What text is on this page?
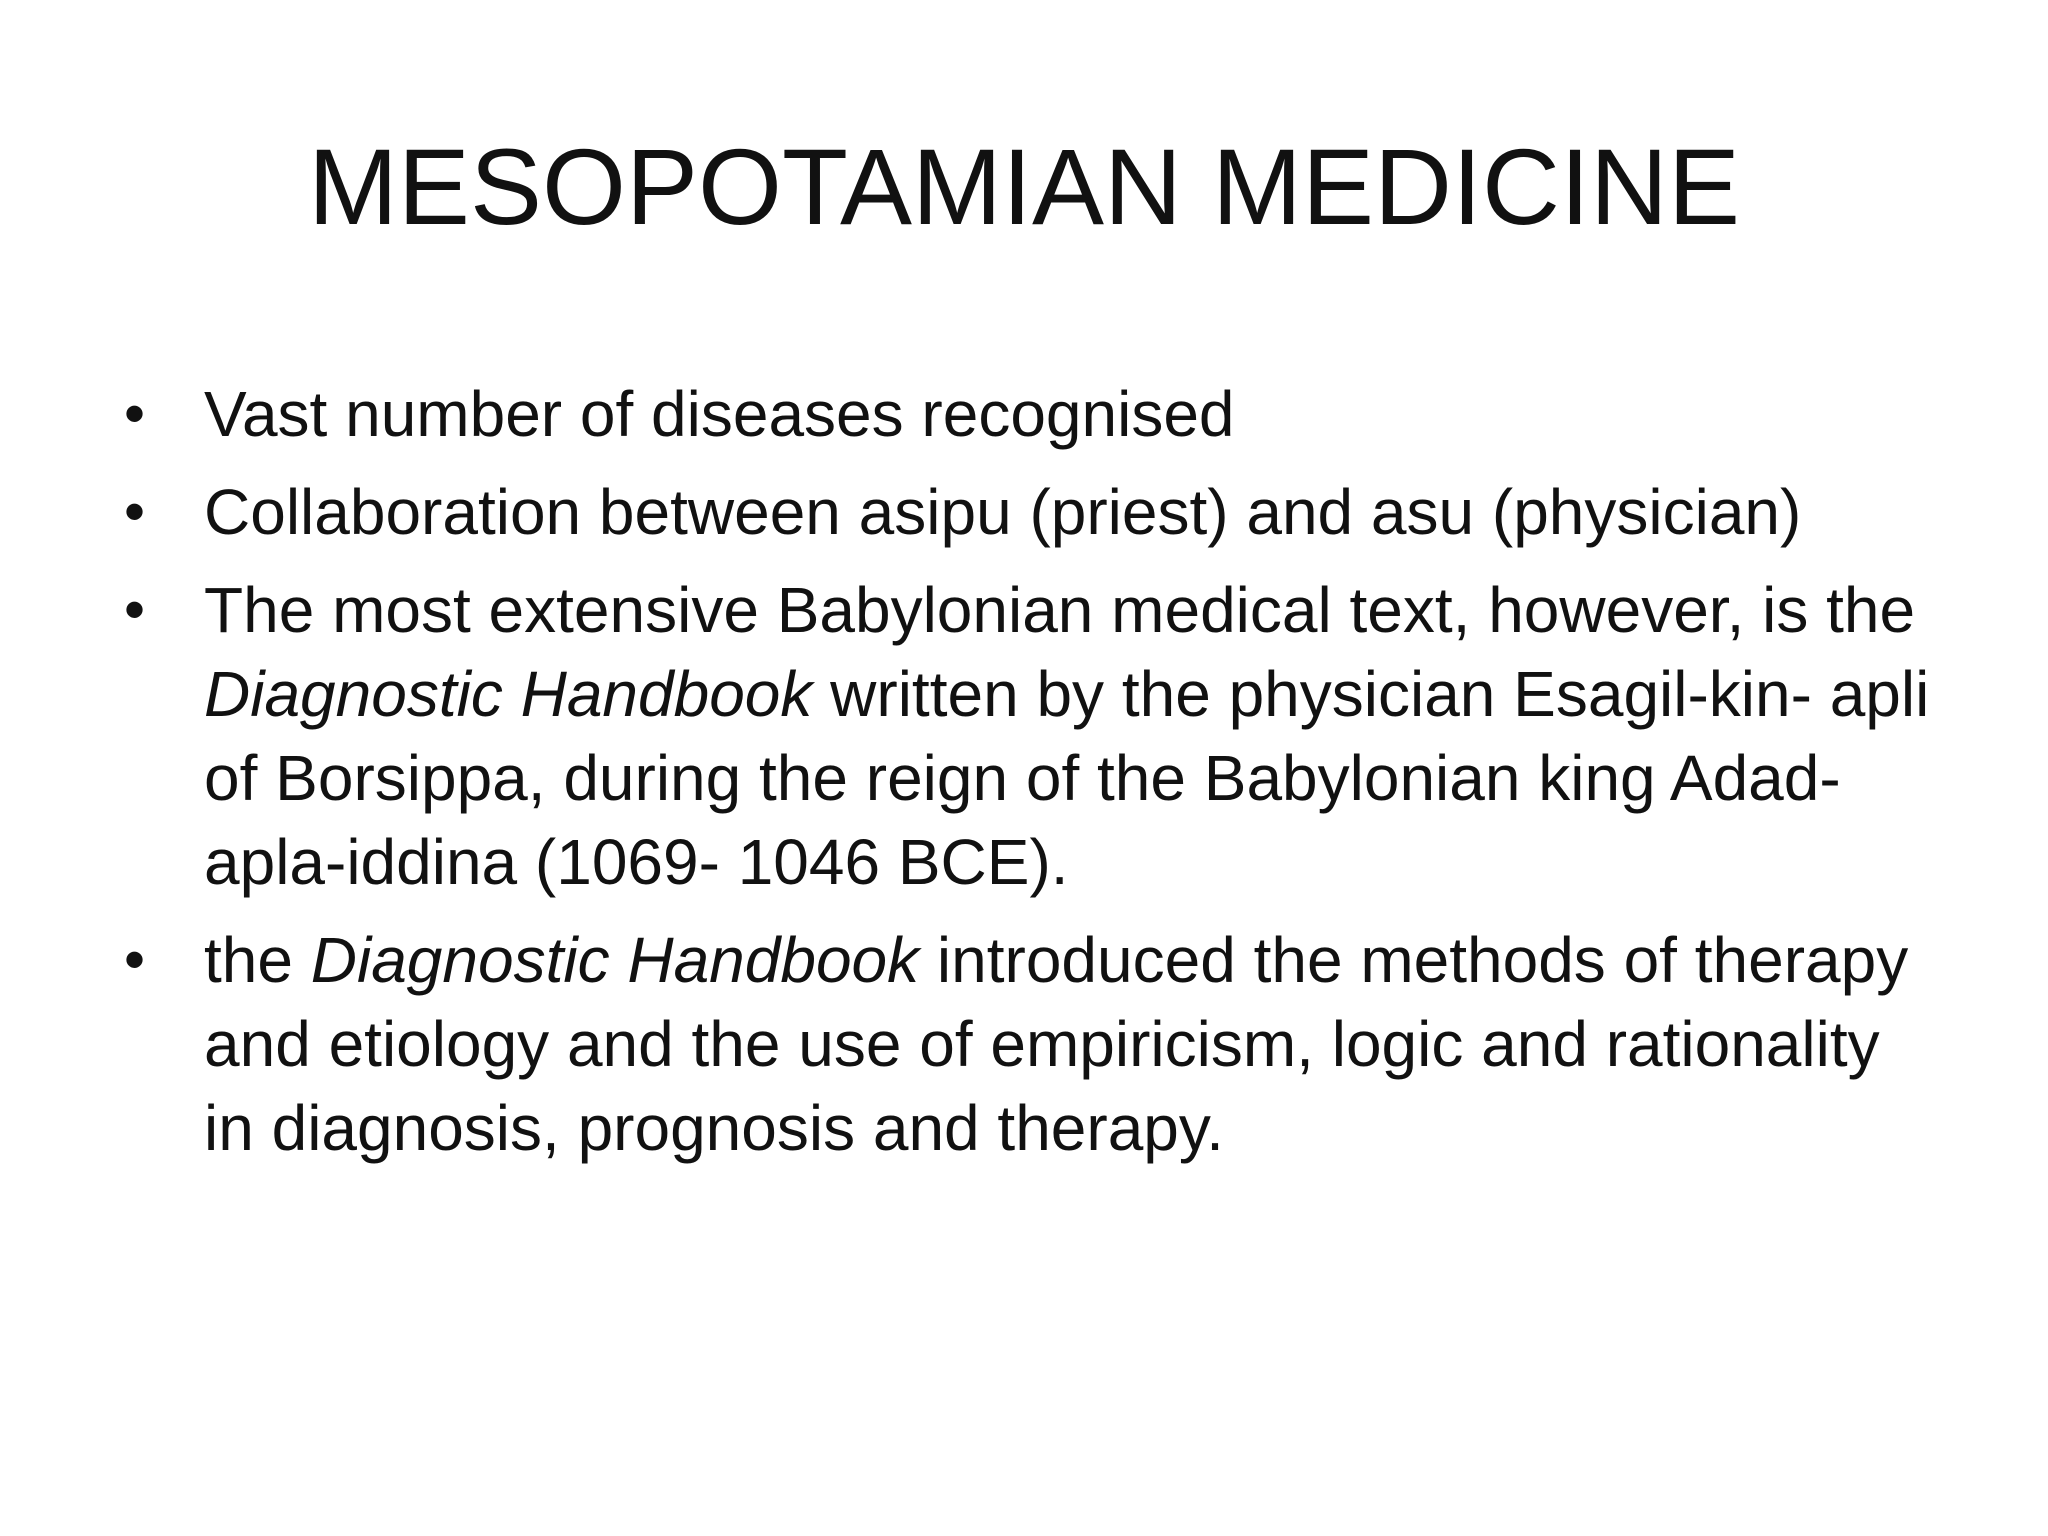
MESOPOTAMIAN MEDICINE
• Vast number of diseases recognised
• Collaboration between asipu (priest) and asu (physician)
• The most extensive Babylonian medical text, however, is the Diagnostic Handbook written by the physician Esagil-kin- apli of Borsippa, during the reign of the Babylonian king Adad-apla-iddina (1069- 1046 BCE).
• the Diagnostic Handbook introduced the methods of therapy and etiology and the use of empiricism, logic and rationality in diagnosis, prognosis and therapy.
